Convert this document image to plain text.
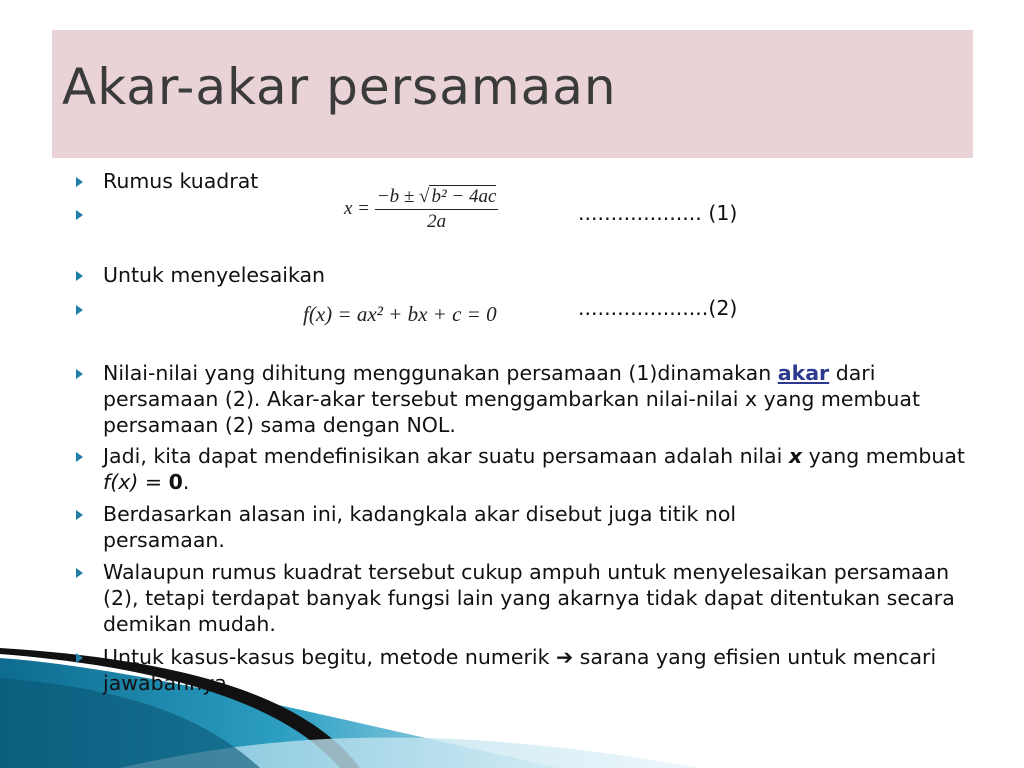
Akar-akar persamaan
Rumus kuadrat
$x = \frac{\text{−b ± √ b² − 4ac}}{2a}$	................... (1)
Untuk menyelesaikan
f(x) = ax² + bx + c = 0	....................(2)
Nilai-nilai yang dihitung menggunakan persamaan (1)dinamakan akar dari persamaan (2). Akar-akar tersebut menggambarkan nilai-nilai x yang membuat persamaan (2) sama dengan NOL.
Jadi, kita dapat mendefinisikan akar suatu persamaan adalah nilai x yang membuat f(x) = 0.
Berdasarkan alasan ini, kadangkala akar disebut juga titik nol persamaan.
Walaupun rumus kuadrat tersebut cukup ampuh untuk menyelesaikan persamaan (2), tetapi terdapat banyak fungsi lain yang akarnya tidak dapat ditentukan secara demikan mudah.
Untuk kasus-kasus begitu, metode numerik ➔ sarana yang efisien untuk mencari jawabannya.
